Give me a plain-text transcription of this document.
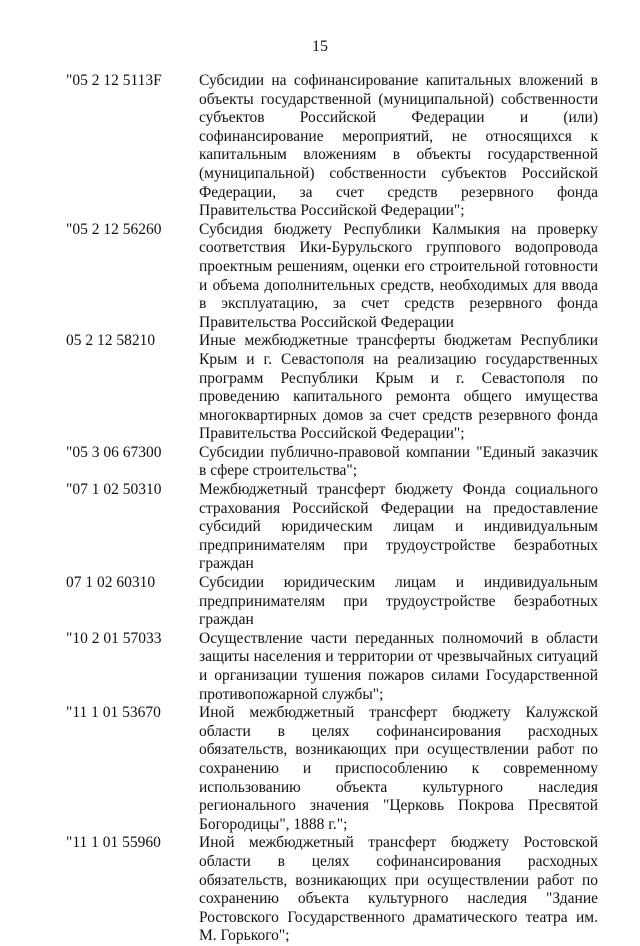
15
"05 2 12 5113F Субсидии на софинансирование капитальных вложений в объекты государственной (муниципальной) собственности субъектов Российской Федерации и (или) софинансирование мероприятий, не относящихся к капитальным вложениям в объекты государственной (муниципальной) собственности субъектов Российской Федерации, за счет средств резервного фонда Правительства Российской Федерации";
"05 2 12 56260 Субсидия бюджету Республики Калмыкия на проверку соответствия Ики-Бурульского группового водопровода проектным решениям, оценки его строительной готовности и объема дополнительных средств, необходимых для ввода в эксплуатацию, за счет средств резервного фонда Правительства Российской Федерации
05 2 12 58210	Иные межбюджетные трансферты бюджетам Республики Крым и г. Севастополя на реализацию государственных программ Республики Крым и г. Севастополя по проведению капитального ремонта общего имущества многоквартирных домов за счет средств резервного фонда Правительства Российской Федерации";
"05 3 06 67300 Субсидии публично-правовой компании "Единый заказчик в сфере строительства";
"07 1 02 50310 Межбюджетный трансферт бюджету Фонда социального страхования Российской Федерации на предоставление субсидий юридическим лицам и индивидуальным предпринимателям при трудоустройстве безработных граждан
07 1 02 60310	Субсидии юридическим лицам и индивидуальным предпринимателям при трудоустройстве безработных граждан
"10 2 01 57033 Осуществление части переданных полномочий в области защиты населения и территории от чрезвычайных ситуаций и организации тушения пожаров силами Государственной противопожарной службы";
"11 1 01 53670 Иной межбюджетный трансферт бюджету Калужской области в целях софинансирования расходных обязательств, возникающих при осуществлении работ по сохранению и приспособлению к современному использованию объекта культурного наследия регионального значения "Церковь Покрова Пресвятой Богородицы", 1888 г.";
"11 1 01 55960 Иной межбюджетный трансферт бюджету Ростовской области в целях софинансирования расходных обязательств, возникающих при осуществлении работ по сохранению объекта культурного наследия "Здание Ростовского Государственного драматического театра им. М. Горького";
